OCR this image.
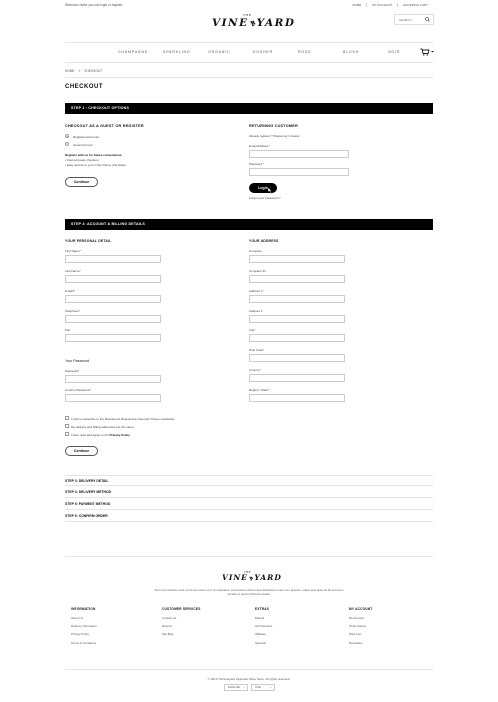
Welcome visitor you can login or register.	HOME	MY ACCOUNT	SHOPPING CART
THE
VINE YARD
SEARCH
CHAMPAGNE	SPARKLING	ORGANIC	KOSHER	ROSE	BLUSH	NOIR
HOME » CHECKOUT
CHECKOUT
STEP 1 : CHECKOUT OPTIONS
CHECKOUT AS A GUEST OR REGISTER
Registered Account
Guest Account
Register with us for future convenience:
• Fast and easy checkout
• Easy access to your order history and status
Continue
RETURNING CUSTOMER
Already register ? Please log in below.
Email Address *
Password *
Login
Forgot your password ?
STEP 2: ACCOUNT & BILLING DETAILS
YOUR PERSONAL DETAIL	YOUR ADDRESS
First Name*
Last Name*
E-Mail*
Telephone*
Fax
Your Password
Password*
Confirm Password*
Company
Company ID
Address 1*
Address 2
City*
Post Code*
Country*
Region / State*
I wish to subscribe to the Bootdemos Responsive Opencart Theme newsletter.
My delivery and billing addresses are the same.
I have read and agree to the Privacy Policy
Continue
STEP 3: DELIVERY DETAIL
STEP 4: DELIVERY METHOD
STEP 5: PAYMENT METHOD
STEP 6: CONFIRM ORDER
THE
VINE YARD
Sed ut perspiciatis unde omnis iste natus error sit voluptatem accusantium doloremque laudantium totam rem aperiam, eaque ipsa quae ab illo inventore veritatis et quasi architecto beatae.
INFORMATION
About Us
Delivery Information
Privacy Policy
Terms & Conditions
CUSTOMER SERVICES
Contact Us
Returns
Site Map
EXTRAS
Brands
Gift Vouchers
Affiliates
Specials
MY ACCOUNT
My Account
Order History
Wish List
Newsletter
© 2013 TheVineyard Opencart Wine Store. All rights reserved.
ENGLISH ⌄	USD	⌄
